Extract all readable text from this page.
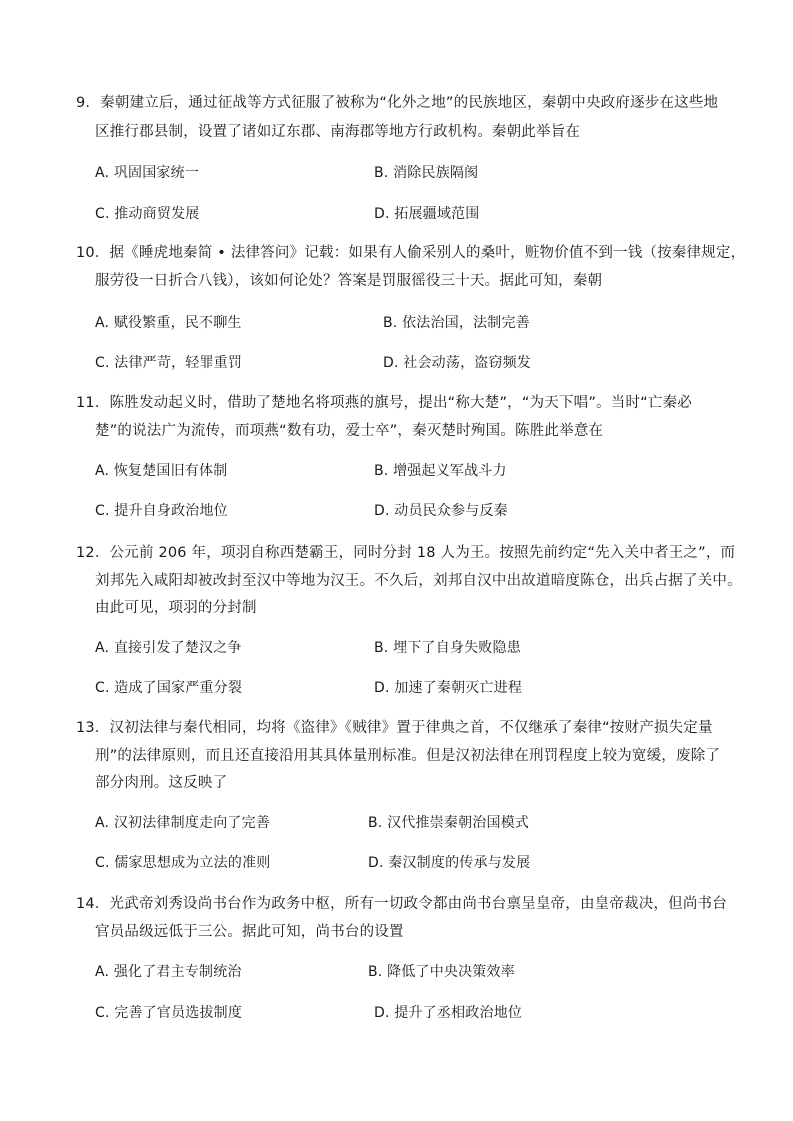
9．秦朝建立后，通过征战等方式征服了被称为“化外之地”的民族地区，秦朝中央政府逐步在这些地
区推行郡县制，设置了诸如辽东郡、南海郡等地方行政机构。秦朝此举旨在
A. 巩固国家统一	B. 消除民族隔阂
C. 推动商贸发展	D. 拓展疆域范围
10．据《睡虎地秦简 • 法律答问》记载：如果有人偷采别人的桑叶，赃物价值不到一钱（按秦律规定，
服劳役一日折合八钱），该如何论处？答案是罚服徭役三十天。据此可知，秦朝
A. 赋役繁重，民不聊生	B. 依法治国，法制完善
C. 法律严苛，轻罪重罚	D. 社会动荡，盗窃频发
11．陈胜发动起义时，借助了楚地名将项燕的旗号，提出“称大楚”，“为天下唱”。当时“亡秦必
楚”的说法广为流传，而项燕“数有功，爱士卒”，秦灭楚时殉国。陈胜此举意在
A. 恢复楚国旧有体制	B. 增强起义军战斗力
C. 提升自身政治地位	D. 动员民众参与反秦
12．公元前 206 年，项羽自称西楚霸王，同时分封 18 人为王。按照先前约定“先入关中者王之”，而
刘邦先入咸阳却被改封至汉中等地为汉王。不久后，刘邦自汉中出故道暗度陈仓，出兵占据了关中。
由此可见，项羽的分封制
A. 直接引发了楚汉之争	B. 埋下了自身失败隐患
C. 造成了国家严重分裂	D. 加速了秦朝灭亡进程
13．汉初法律与秦代相同，均将《盗律》《贼律》置于律典之首，不仅继承了秦律“按财产损失定量
刑”的法律原则，而且还直接沿用其具体量刑标准。但是汉初法律在刑罚程度上较为宽缓，废除了
部分肉刑。这反映了
A. 汉初法律制度走向了完善	B. 汉代推崇秦朝治国模式
C. 儒家思想成为立法的准则	D. 秦汉制度的传承与发展
14．光武帝刘秀设尚书台作为政务中枢，所有一切政令都由尚书台禀呈皇帝，由皇帝裁决，但尚书台
官员品级远低于三公。据此可知，尚书台的设置
A. 强化了君主专制统治	B. 降低了中央决策效率
C. 完善了官员选拔制度	D. 提升了丞相政治地位
